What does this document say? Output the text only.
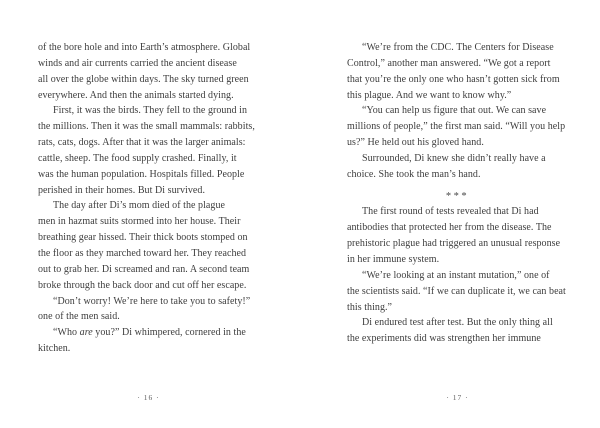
of the bore hole and into Earth’s atmosphere. Global
winds and air currents carried the ancient disease
all over the globe within days. The sky turned green
everywhere. And then the animals started dying.

First, it was the birds. They fell to the ground in
the millions. Then it was the small mammals: rabbits,
rats, cats, dogs. After that it was the larger animals:
cattle, sheep. The food supply crashed. Finally, it
was the human population. Hospitals filled. People
perished in their homes. But Di survived.

The day after Di’s mom died of the plague
men in hazmat suits stormed into her house. Their
breathing gear hissed. Their thick boots stomped on
the floor as they marched toward her. They reached
out to grab her. Di screamed and ran. A second team
broke through the back door and cut off her escape.

“Don’t worry! We’re here to take you to safety!”
one of the men said.

“Who are you?” Di whimpered, cornered in the
kitchen.

· 16 ·

“We’re from the CDC. The Centers for Disease
Control,” another man answered. “We got a report
that you’re the only one who hasn’t gotten sick from
this plague. And we want to know why.”

“You can help us figure that out. We can save
millions of people,” the first man said. “Will you help
us?” He held out his gloved hand.

Surrounded, Di knew she didn’t really have a
choice. She took the man’s hand.

***

The first round of tests revealed that Di had
antibodies that protected her from the disease. The
prehistoric plague had triggered an unusual response
in her immune system.

“We’re looking at an instant mutation,” one of
the scientists said. “If we can duplicate it, we can beat
this thing.”

Di endured test after test. But the only thing all
the experiments did was strengthen her immune

· 17 ·
